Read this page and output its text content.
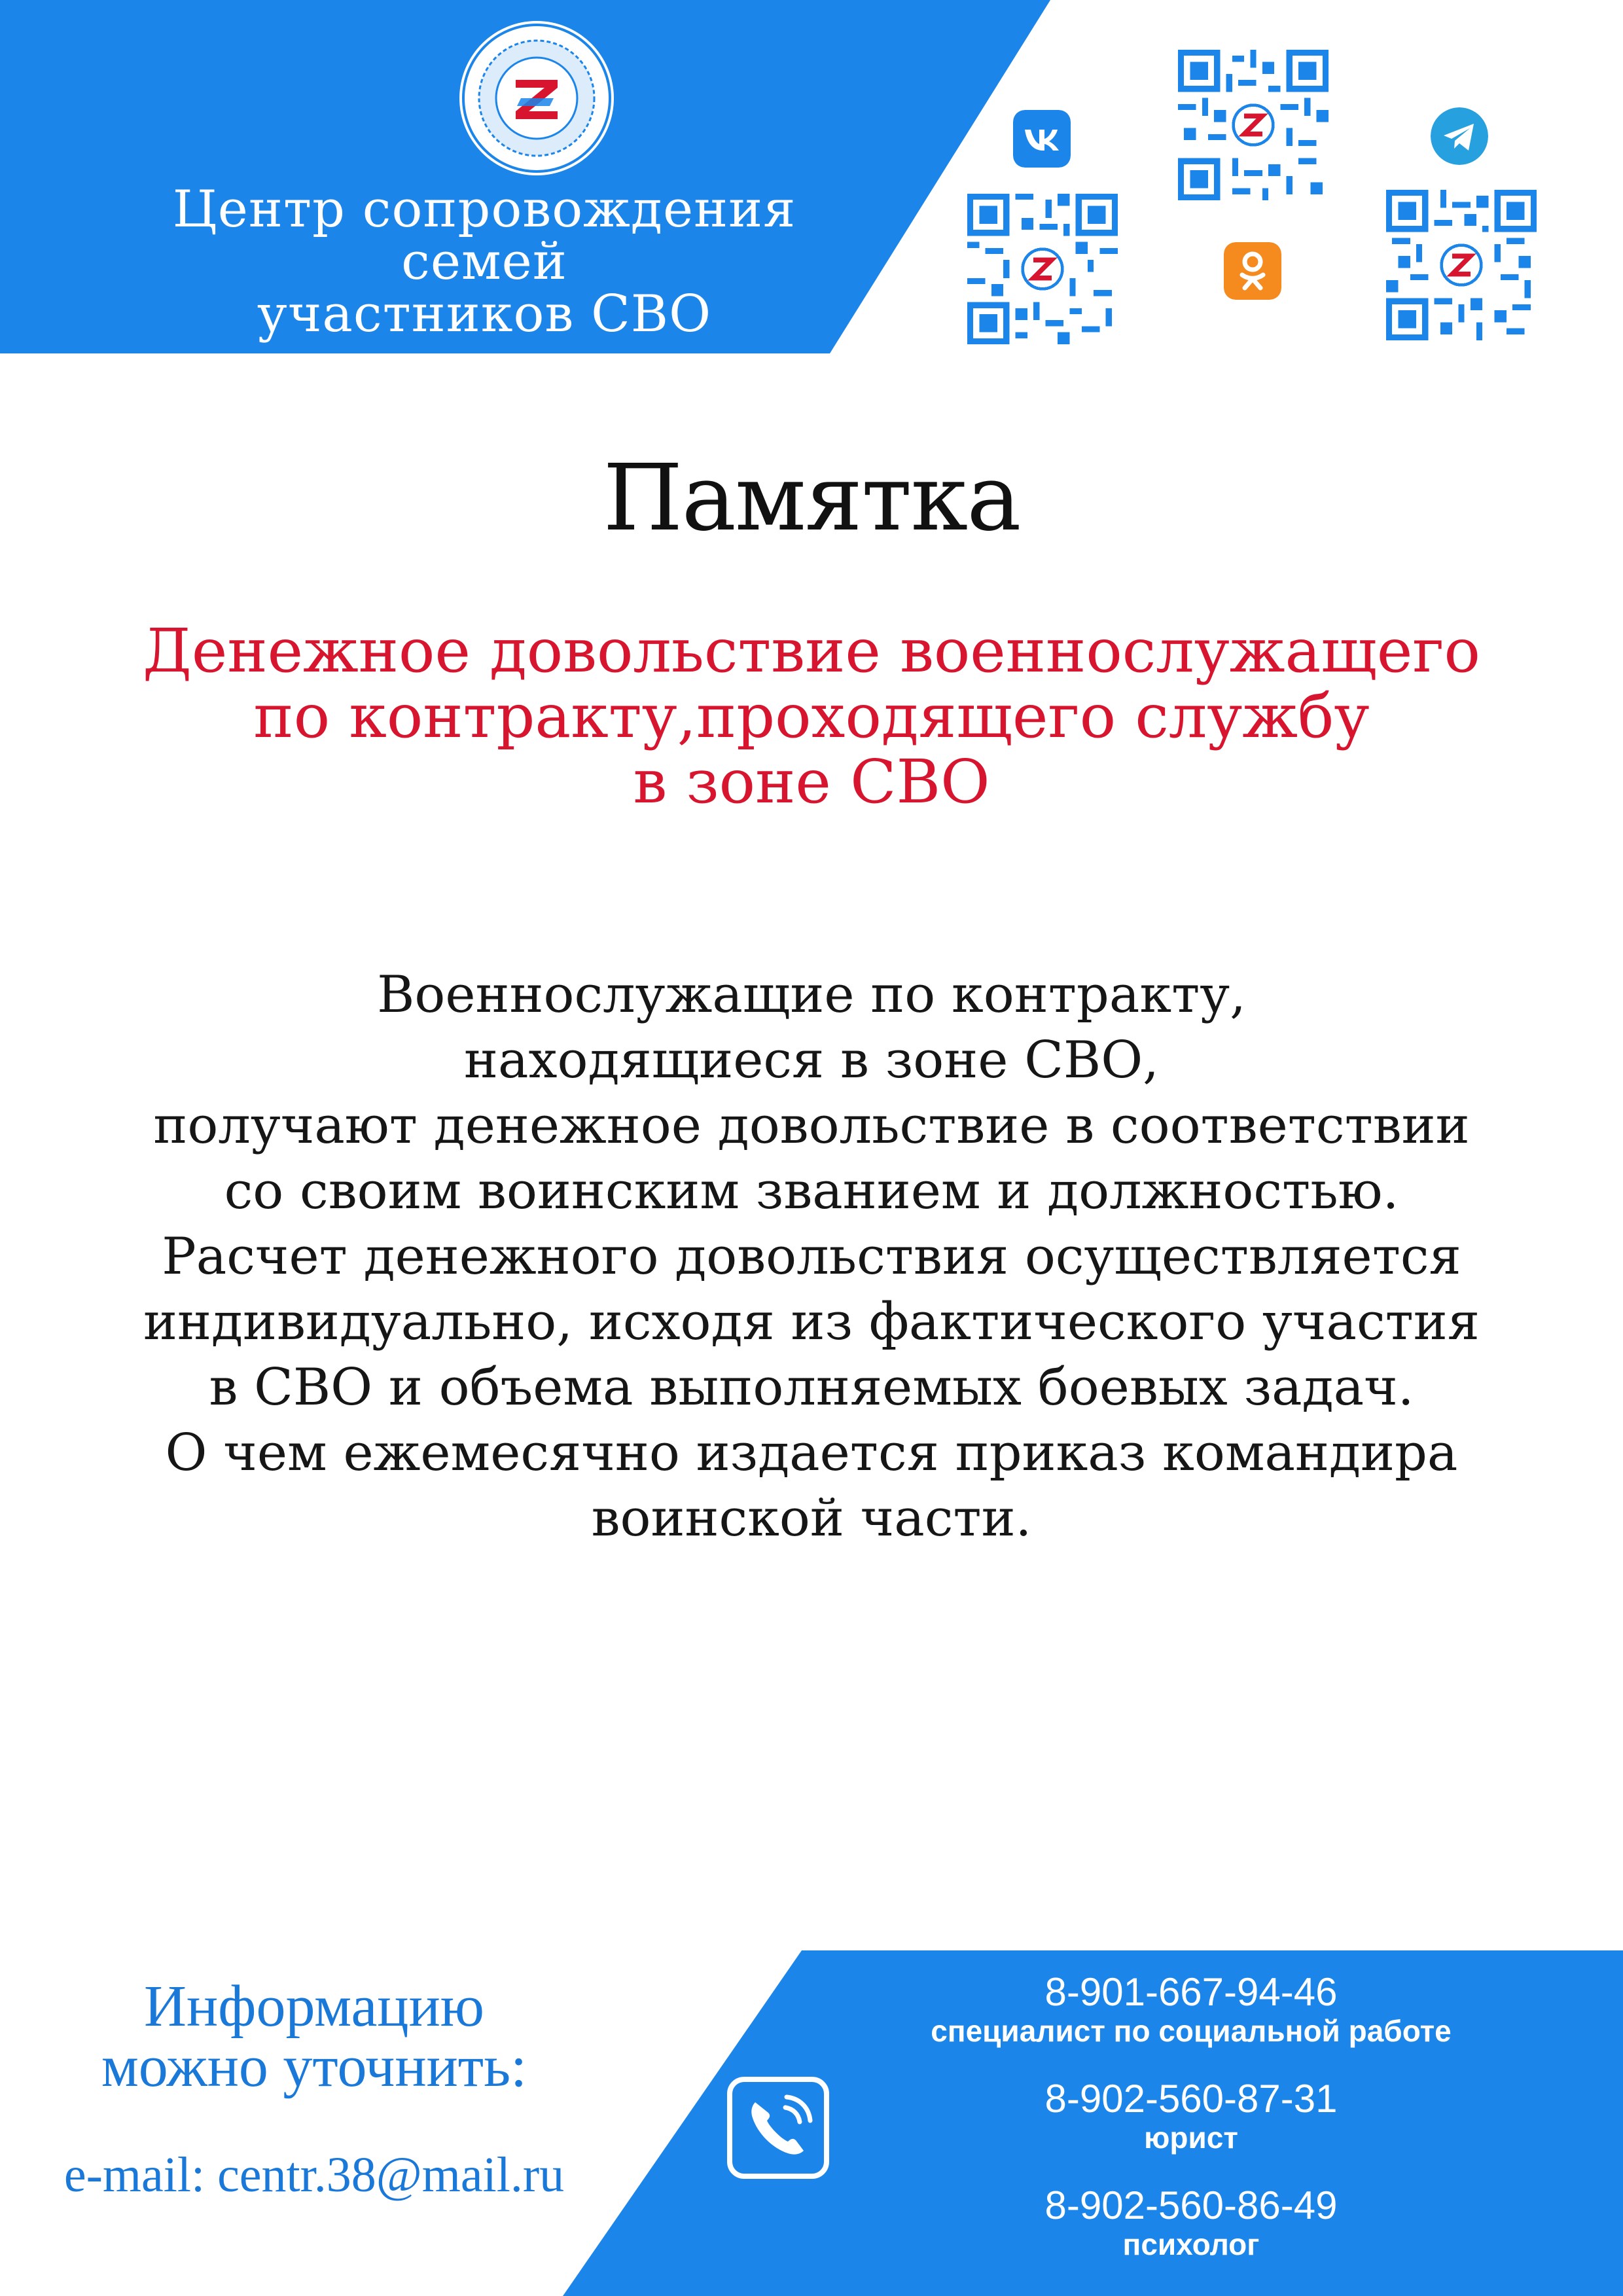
Центр сопровождения
семей
участников СВО
Памятка
Денежное довольствие военнослужащего
по контракту,проходящего службу
в зоне СВО
Военнослужащие по контракту,
находящиеся в зоне СВО,
получают денежное довольствие в соответствии
со своим воинским званием и должностью.
Расчет денежного довольствия осуществляется
индивидуально, исходя из фактического участия
в СВО и объема выполняемых боевых задач.
О чем ежемесячно издается приказ командира
воинской части.
Информацию
можно уточнить:
e-mail: centr.38@mail.ru
8-901-667-94-46
специалист по социальной работе
8-902-560-87-31
юрист
8-902-560-86-49
психолог
